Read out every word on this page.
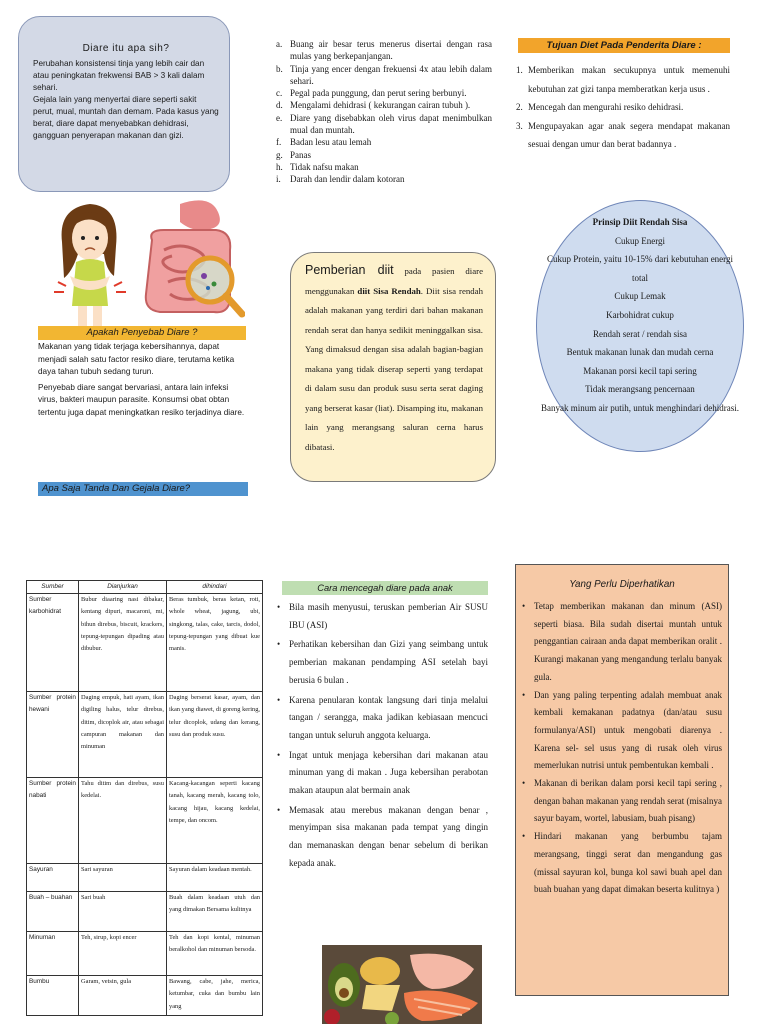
Diare itu apa sih?
Perubahan konsistensi tinja yang lebih cair dan atau peningkatan frekwensi BAB > 3 kali dalam sehari.
Gejala lain yang menyertai diare seperti sakit perut, mual, muntah dan demam. Pada kasus yang berat, diare dapat menyebabkan dehidrasi, gangguan penyerapan makanan dan gizi.
Apakah Penyebab Diare ?
Makanan yang tidak terjaga kebersihannya, dapat menjadi salah satu factor resiko diare, terutama ketika daya tahan tubuh sedang turun.
Penyebab diare sangat bervariasi, antara lain infeksi virus, bakteri maupun parasite. Konsumsi obat obtan tertentu juga dapat meningkatkan resiko terjadinya diare.
Apa Saja Tanda Dan Gejala Diare?
a. Buang air besar terus menerus disertai dengan rasa mulas yang berkepanjangan.
b. Tinja yang encer dengan frekuensi 4x atau lebih dalam sehari.
c. Pegal pada punggung, dan perut sering berbunyi.
d. Mengalami dehidrasi ( kekurangan cairan tubuh ).
e. Diare yang disebabkan oleh virus dapat menimbulkan mual dan muntah.
f. Badan lesu atau lemah
g. Panas
h. Tidak nafsu makan
i.	Darah dan lendir dalam kotoran
Pemberian diit pada pasien diare menggunakan diit Sisa Rendah. Diit sisa rendah adalah makanan yang terdiri dari bahan makanan rendah serat dan hanya sedikit meninggalkan sisa. Yang dimaksud dengan sisa adalah bagian-bagian makana yang tidak diserap seperti yang terdapat di dalam susu dan produk susu serta serat daging yang berserat kasar (liat). Disamping itu, makanan lain yang merangsang saluran cerna harus dibatasi.
Tujuan Diet Pada Penderita Diare :
1. Memberikan makan secukupnya untuk memenuhi kebutuhan zat gizi tanpa memberatkan kerja usus .
2. Mencegah dan mengurahi resiko dehidrasi.
3. Mengupayakan agar anak segera mendapat makanan sesuai dengan umur dan berat badannya .
Prinsip Diit Rendah Sisa
Cukup Energi
Cukup Protein, yaitu 10-15% dari kebutuhan energi total
Cukup Lemak
Karbohidrat cukup
Rendah serat / rendah sisa
Bentuk makanan lunak dan mudah cerna
Makanan porsi kecil tapi sering
Tidak merangsang pencernaan
Banyak minum air putih, untuk menghindari dehidrasi.
Sumber	Dianjurkan	dihindari
Sumber karbohidrat	Bubur diaaring nasi dibakar, kentang dipuri, macaroni, mi, bihun direbus, biscuit, krackers, tepung-tepungan dipading atau dibubur.	Beras tumbuk, beras ketan, roti, whole wheat, jagung, ubi, singkong, talas, cake, tarcis, dodol, tepung-tepungan yang dibuat kue manis.
Sumber protein hewani	Daging empuk, hati ayam, ikan digiling halus, telur direbus, ditim, dicoplok air, atau sebagai campuran makanan dan minuman	Daging berserat kasar, ayam, dan ikan yang diawet, di goreng kering, telur dicoplok, udang dan kerang, susu dan produk susu.
Sumber protein nabati	Tahu ditim dan direbus, susu kedelai.	Kacang-kacangan seperti kacang tanah, kacang merah, kacang tolo, kacang hijau, kacang kedelai, tempe, dan oncom.
Sayuran	Sari sayuran	Sayuran dalam keadaan mentah.
Buah – buahan	Sari buah	Buah dalam keadaan utuh dan yang dimakan Bersama kulitnya
Minuman	Teh, sirup, kopi encer	Teh dan kopi kental, minuman beralkohol dan minuman bersoda.
Bumbu	Garam, vetsin, gula	Bawang, cabe, jahe, merica, ketumbar, cuka dan bumbu lain yang
Cara mencegah diare pada anak
• Bila masih menyusui, teruskan pemberian Air SUSU IBU (ASI)
• Perhatikan kebersihan dan Gizi yang seimbang untuk pemberian makanan pendamping ASI setelah bayi berusia 6 bulan .
• Karena penularan kontak langsung dari tinja melalui tangan / serangga, maka jadikan kebiasaan mencuci tangan untuk seluruh anggota keluarga.
• Ingat untuk menjaga kebersihan dari makanan atau minuman yang di makan . Juga kebersihan perabotan makan ataupun alat bermain anak
• Memasak atau merebus makanan dengan benar , menyimpan sisa makanan pada tempat yang dingin dan memanaskan dengan benar sebelum di berikan kepada anak.
Yang Perlu Diperhatikan
• Tetap memberikan makanan dan minum (ASI) seperti biasa. Bila sudah disertai muntah untuk penggantian cairaan anda dapat memberikan oralit . Kurangi makanan yang mengandung terlalu banyak gula.
• Dan yang paling terpenting adalah membuat anak kembali kemakanan padatnya (dan/atau susu formulanya/ASI) untuk mengobati diarenya . Karena sel- sel usus yang di rusak oleh virus memerlukan nutrisi untuk pembentukan kembali .
• Makanan di berikan dalam porsi kecil tapi sering , dengan bahan makanan yang rendah serat (misalnya sayur bayam, wortel, labusiam, buah pisang)
• Hindari makanan yang berbumbu tajam merangsang, tinggi serat dan mengandung gas (missal sayuran kol, bunga kol sawi buah apel dan buah buahan yang dapat dimakan beserta kulitnya )
